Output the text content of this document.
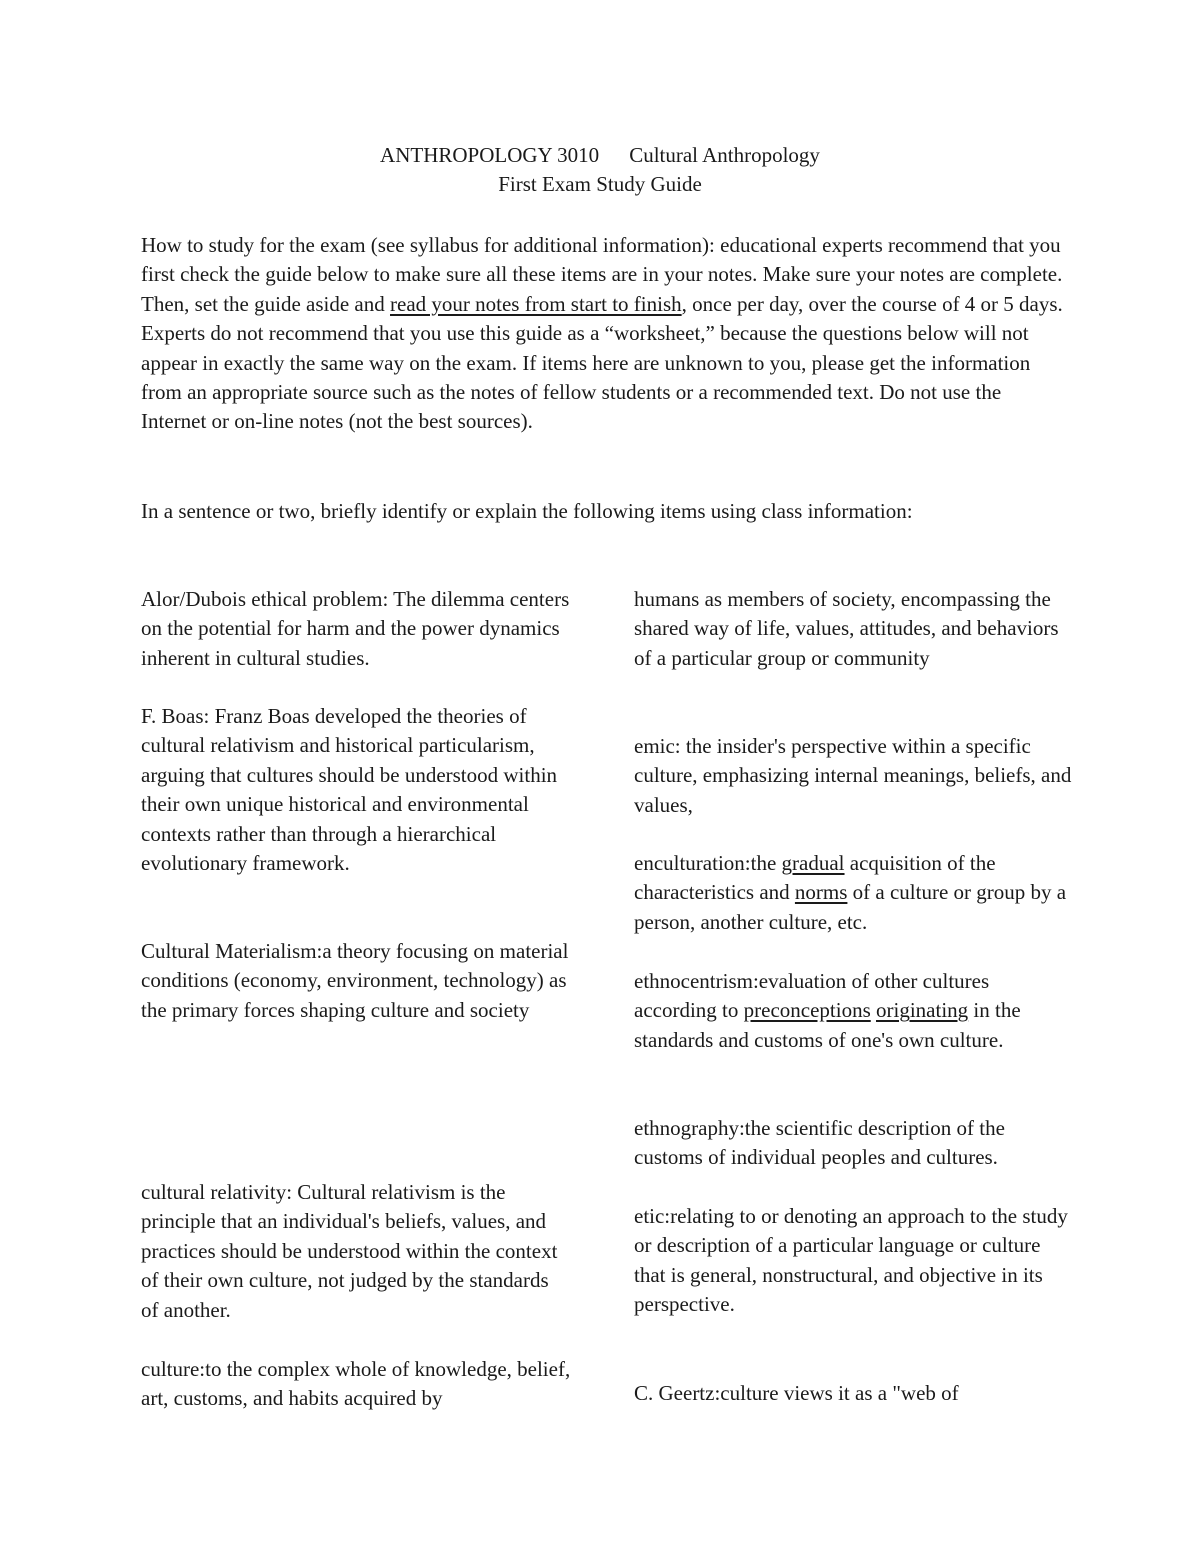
ANTHROPOLOGY 3010 Cultural Anthropology
First Exam Study Guide

How to study for the exam (see syllabus for additional information): educational experts recommend that you first check the guide below to make sure all these items are in your notes. Make sure your notes are complete. Then, set the guide aside and read your notes from start to finish, once per day, over the course of 4 or 5 days. Experts do not recommend that you use this guide as a “worksheet,” because the questions below will not appear in exactly the same way on the exam. If items here are unknown to you, please get the information from an appropriate source such as the notes of fellow students or a recommended text. Do not use the Internet or on-line notes (not the best sources).

In a sentence or two, briefly identify or explain the following items using class information:

Alor/Dubois ethical problem: The dilemma centers on the potential for harm and the power dynamics inherent in cultural studies.

F. Boas: Franz Boas developed the theories of cultural relativism and historical particularism, arguing that cultures should be understood within their own unique historical and environmental contexts rather than through a hierarchical evolutionary framework.

Cultural Materialism:a theory focusing on material conditions (economy, environment, technology) as the primary forces shaping culture and society

cultural relativity: Cultural relativism is the principle that an individual's beliefs, values, and practices should be understood within the context of their own culture, not judged by the standards of another.

culture:to the complex whole of knowledge, belief, art, customs, and habits acquired by

humans as members of society, encompassing the shared way of life, values, attitudes, and behaviors of a particular group or community

emic: the insider's perspective within a specific culture, emphasizing internal meanings, beliefs, and values,

enculturation:the gradual acquisition of the characteristics and norms of a culture or group by a person, another culture, etc.

ethnocentrism:evaluation of other cultures according to preconceptions originating in the standards and customs of one's own culture.

ethnography:the scientific description of the customs of individual peoples and cultures.

etic:relating to or denoting an approach to the study or description of a particular language or culture that is general, nonstructural, and objective in its perspective.

C. Geertz:culture views it as a "web of
